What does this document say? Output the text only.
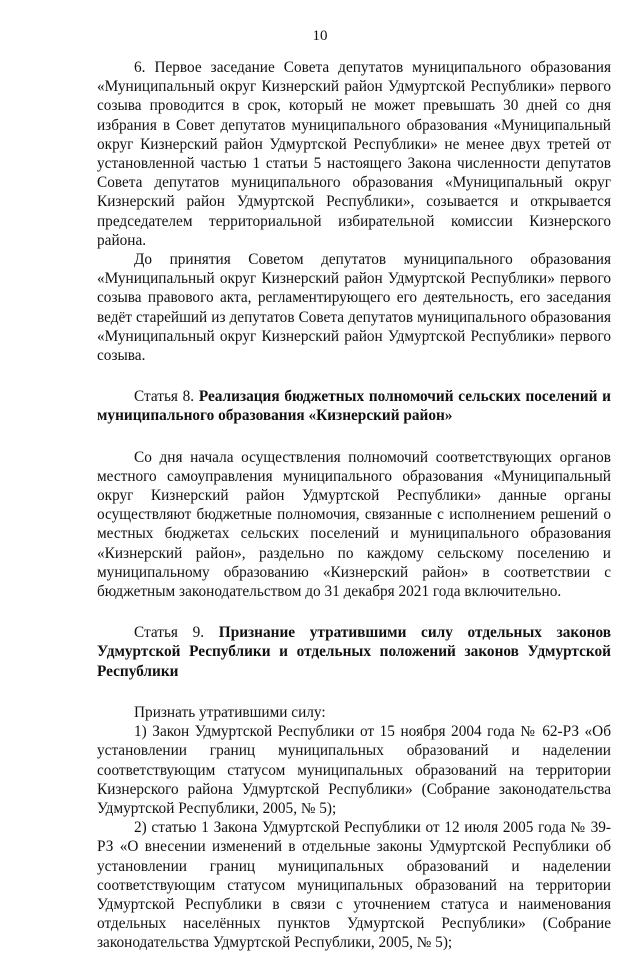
10

6. Первое заседание Совета депутатов муниципального образования «Муниципальный округ Кизнерский район Удмуртской Республики» первого созыва проводится в срок, который не может превышать 30 дней со дня избрания в Совет депутатов муниципального образования «Муниципальный округ Кизнерский район Удмуртской Республики» не менее двух третей от установленной частью 1 статьи 5 настоящего Закона численности депутатов Совета депутатов муниципального образования «Муниципальный округ Кизнерский район Удмуртской Республики», созывается и открывается председателем территориальной избирательной комиссии Кизнерского района.

До принятия Советом депутатов муниципального образования «Муниципальный округ Кизнерский район Удмуртской Республики» первого созыва правового акта, регламентирующего его деятельность, его заседания ведёт старейший из депутатов Совета депутатов муниципального образования «Муниципальный округ Кизнерский район Удмуртской Республики» первого созыва.

Статья 8. Реализация бюджетных полномочий сельских поселений и муниципального образования «Кизнерский район»

Со дня начала осуществления полномочий соответствующих органов местного самоуправления муниципального образования «Муниципальный округ Кизнерский район Удмуртской Республики» данные органы осуществляют бюджетные полномочия, связанные с исполнением решений о местных бюджетах сельских поселений и муниципального образования «Кизнерский район», раздельно по каждому сельскому поселению и муниципальному образованию «Кизнерский район» в соответствии с бюджетным законодательством до 31 декабря 2021 года включительно.

Статья 9. Признание утратившими силу отдельных законов Удмуртской Республики и отдельных положений законов Удмуртской Республики

Признать утратившими силу:

1) Закон Удмуртской Республики от 15 ноября 2004 года № 62-РЗ «Об установлении границ муниципальных образований и наделении соответствующим статусом муниципальных образований на территории Кизнерского района Удмуртской Республики» (Собрание законодательства Удмуртской Республики, 2005, № 5);

2) статью 1 Закона Удмуртской Республики от 12 июля 2005 года № 39-РЗ «О внесении изменений в отдельные законы Удмуртской Республики об установлении границ муниципальных образований и наделении соответствующим статусом муниципальных образований на территории Удмуртской Республики в связи с уточнением статуса и наименования отдельных населённых пунктов Удмуртской Республики» (Собрание законодательства Удмуртской Республики, 2005, № 5);
